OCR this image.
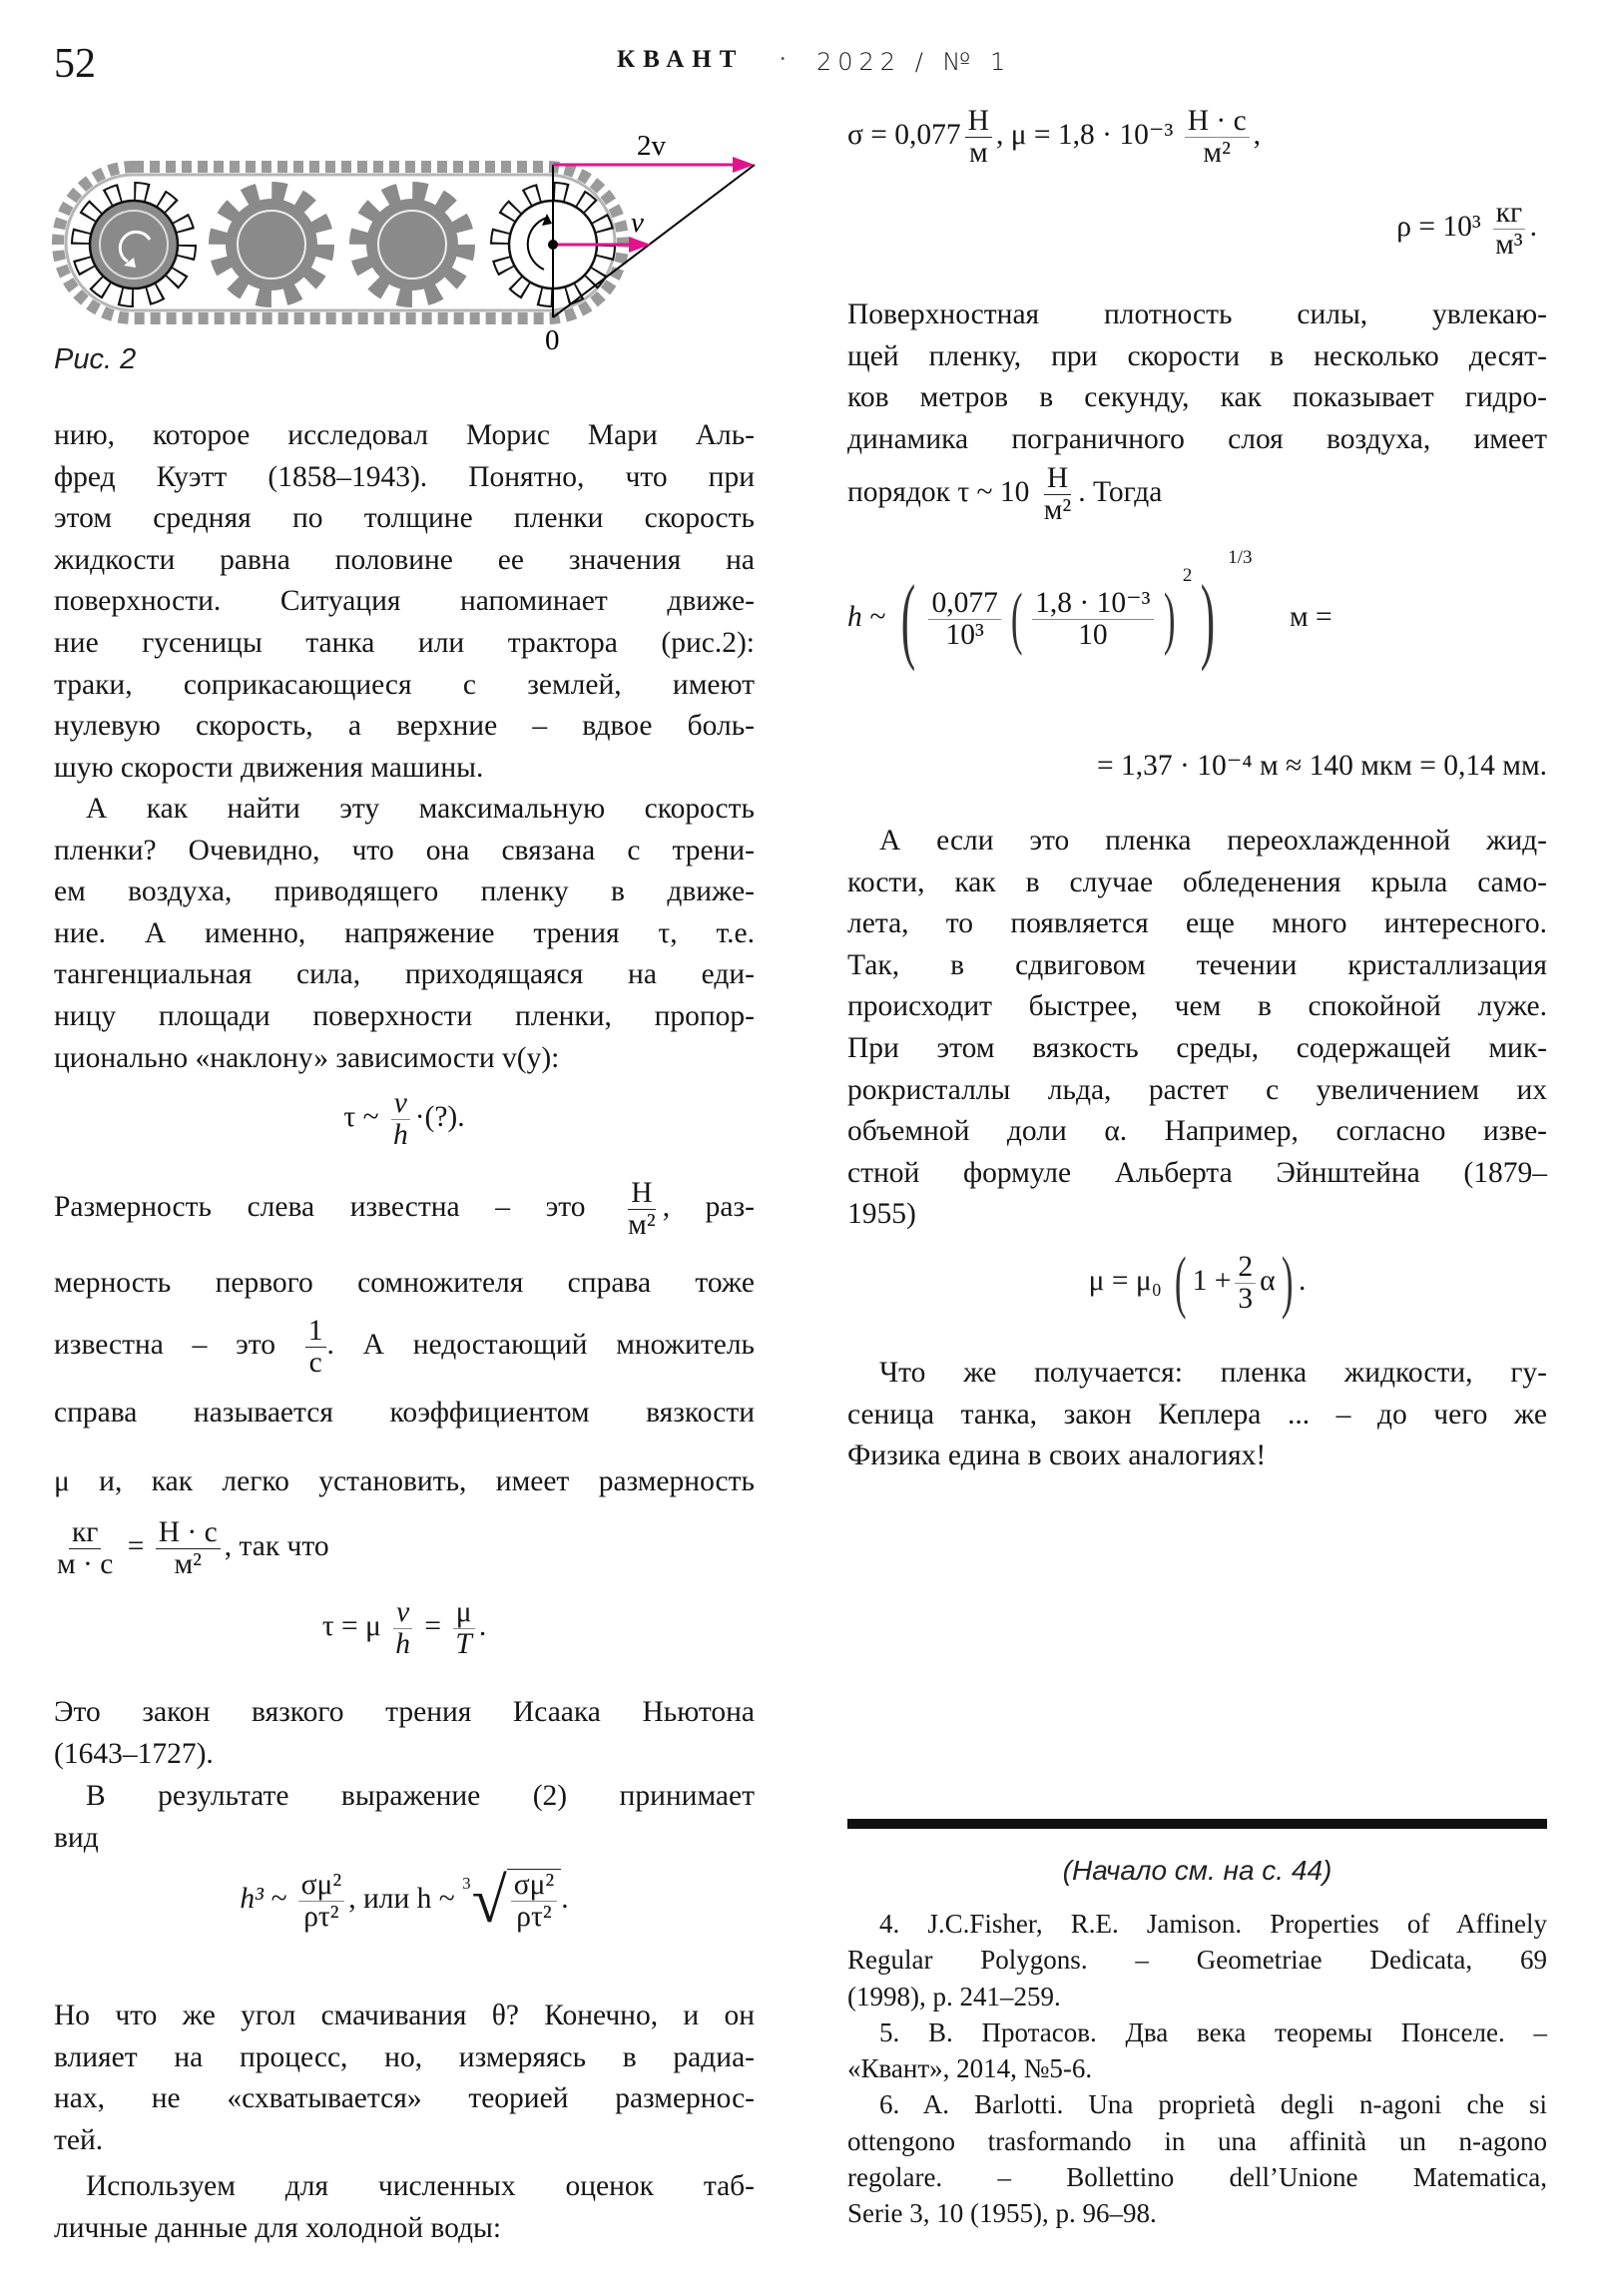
52	КВАНТ · 2022 / № 1
2v
v
0
Рис. 2
нию, которое исследовал Морис Мари Аль-
фред Куэтт (1858–1943). Понятно, что при
этом средняя по толщине пленки скорость
жидкости равна половине ее значения на
поверхности. Ситуация напоминает движе-
ние гусеницы танка или трактора (рис.2):
траки, соприкасающиеся с землей, имеют
нулевую скорость, а верхние – вдвое боль-
шую скорости движения машины.
А как найти эту максимальную скорость
пленки? Очевидно, что она связана с трени-
ем воздуха, приводящего пленку в движе-
ние. А именно, напряжение трения τ, т.е.
тангенциальная сила, приходящаяся на еди-
ницу площади поверхности пленки, пропор-
ционально «наклону» зависимости v(y):
τ ~ $\frac{v}{h}$ ·(?).
Размерность слева известна – это $\frac{Н}{\text{м²}}$ , раз-
мерность первого сомножителя справа тоже
известна – это $\frac{1}{с}$ . А недостающий множитель
справа называется коэффициентом вязкости
μ и, как легко установить, имеет размерность
$\frac{кг}{м \cdot с} = \frac{Н \cdot с}{\text{м²}}$ , так что
τ = μ $\frac{v}{h} = \frac{\mu}{T}$ .
Это закон вязкого трения Исаака Ньютона
(1643–1727).
В результате выражение (2) принимает
вид
h³ ~ $\frac{\text{σμ²}}{\text{ρτ²}}$ , или h ~ 3 √ $\frac{\text{σμ²}}{\text{ρτ²}}$ .
Но что же угол смачивания θ? Конечно, и он
влияет на процесс, но, измеряясь в радиа-
нах, не «схватывается» теорией размернос-
тей.
Используем для численных оценок таб-
личные данные для холодной воды:
$\sigma = 0,077 \frac{Н}{м}$ , $\mu = 1,8 \cdot 10^{-3} \frac{Н \cdot с}{\text{м²}}$ ,
$\rho = 10^3 \frac{кг}{\text{м³}}$ .
Поверхностная плотность силы, увлекаю-
щей пленку, при скорости в несколько десят-
ков метров в секунду, как показывает гидро-
динамика пограничного слоя воздуха, имеет
порядок τ ~ $10 \frac{Н}{\text{м²}}$ . Тогда
h ~ ( $\frac{0,077}{\text{10³}}$ ( $\frac{\text{1,8 · 10⁻³}}{10} )^2)^{1/3}$ м =
= 1,37 · 10⁻⁴ м ≈ 140 мкм = 0,14 мм.
А если это пленка переохлажденной жид-
кости, как в случае обледенения крыла само-
лета, то появляется еще много интересного.
Так, в сдвиговом течении кристаллизация
происходит быстрее, чем в спокойной луже.
При этом вязкость среды, содержащей мик-
рокристаллы льда, растет с увеличением их
объемной доли α. Например, согласно изве-
стной формуле Альберта Эйнштейна (1879–
1955)
μ = μ₀ ( $1 + \frac{2}{3} \alpha$) .
Что же получается: пленка жидкости, гу-
сеница танка, закон Кеплера ... – до чего же
Физика едина в своих аналогиях!
(Начало см. на с. 44)
4. J.C.Fisher, R.E. Jamison. Properties of Affinely
Regular Polygons. – Geometriae Dedicata, 69
(1998), p. 241–259.
5. В. Протасов. Два века теоремы Понселе. –
«Квант», 2014, №5-6.
6. A. Barlotti. Una proprietà degli n-agoni che si
ottengono trasformando in una affinità un n-agono
regolare. – Bollettino dell’Unione Matematica,
Serie 3, 10 (1955), p. 96–98.
